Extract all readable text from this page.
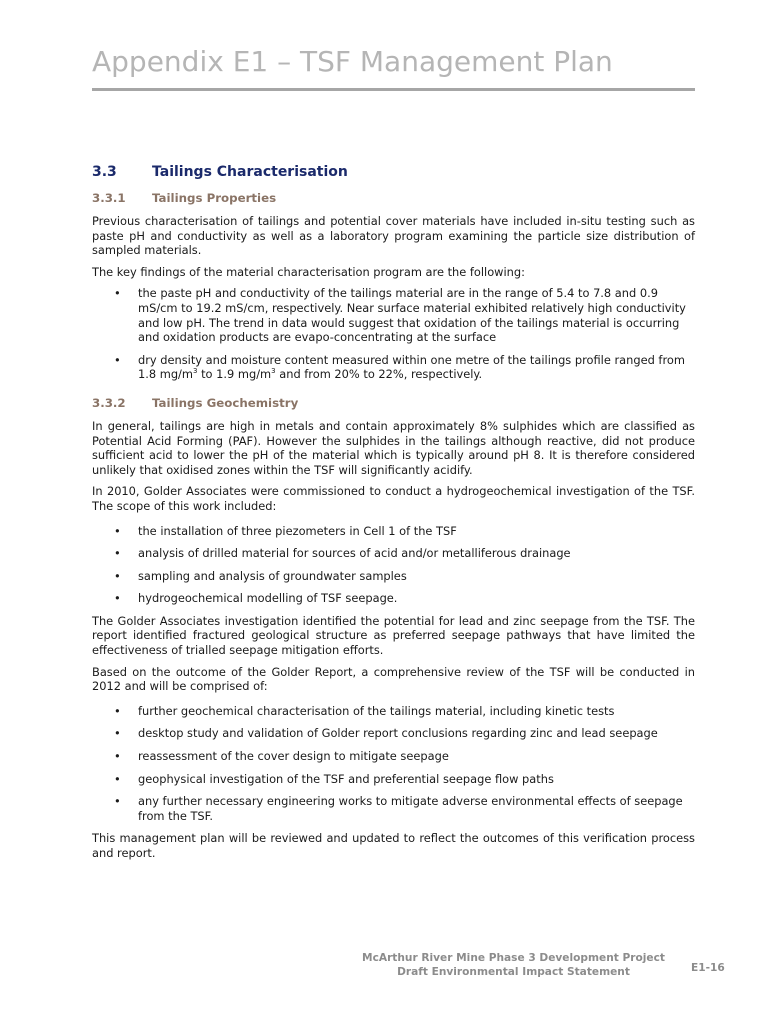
Appendix E1 – TSF Management Plan
3.3	Tailings Characterisation
3.3.1	Tailings Properties

Previous characterisation of tailings and potential cover materials have included in-situ testing such as paste pH and conductivity as well as a laboratory program examining the particle size distribution of sampled materials.

The key findings of the material characterisation program are the following:

• the paste pH and conductivity of the tailings material are in the range of 5.4 to 7.8 and 0.9 mS/cm to 19.2 mS/cm, respectively. Near surface material exhibited relatively high conductivity and low pH. The trend in data would suggest that oxidation of the tailings material is occurring and oxidation products are evapo-concentrating at the surface
• dry density and moisture content measured within one metre of the tailings profile ranged from 1.8 $mg/m^3$ to 1.9 $mg/m^3$ and from 20% to 22%, respectively.
3.3.2	Tailings Geochemistry

In general, tailings are high in metals and contain approximately 8% sulphides which are classified as Potential Acid Forming (PAF). However the sulphides in the tailings although reactive, did not produce sufficient acid to lower the pH of the material which is typically around pH 8. It is therefore considered unlikely that oxidised zones within the TSF will significantly acidify.

In 2010, Golder Associates were commissioned to conduct a hydrogeochemical investigation of the TSF. The scope of this work included:

• the installation of three piezometers in Cell 1 of the TSF
• analysis of drilled material for sources of acid and/or metalliferous drainage
• sampling and analysis of groundwater samples
• hydrogeochemical modelling of TSF seepage.

The Golder Associates investigation identified the potential for lead and zinc seepage from the TSF. The report identified fractured geological structure as preferred seepage pathways that have limited the effectiveness of trialled seepage mitigation efforts.

Based on the outcome of the Golder Report, a comprehensive review of the TSF will be conducted in 2012 and will be comprised of:

• further geochemical characterisation of the tailings material, including kinetic tests
• desktop study and validation of Golder report conclusions regarding zinc and lead seepage
• reassessment of the cover design to mitigate seepage
• geophysical investigation of the TSF and preferential seepage flow paths
• any further necessary engineering works to mitigate adverse environmental effects of seepage from the TSF.

This management plan will be reviewed and updated to reflect the outcomes of this verification process and report.

McArthur River Mine Phase 3 Development Project
Draft Environmental Impact Statement	E1-16
